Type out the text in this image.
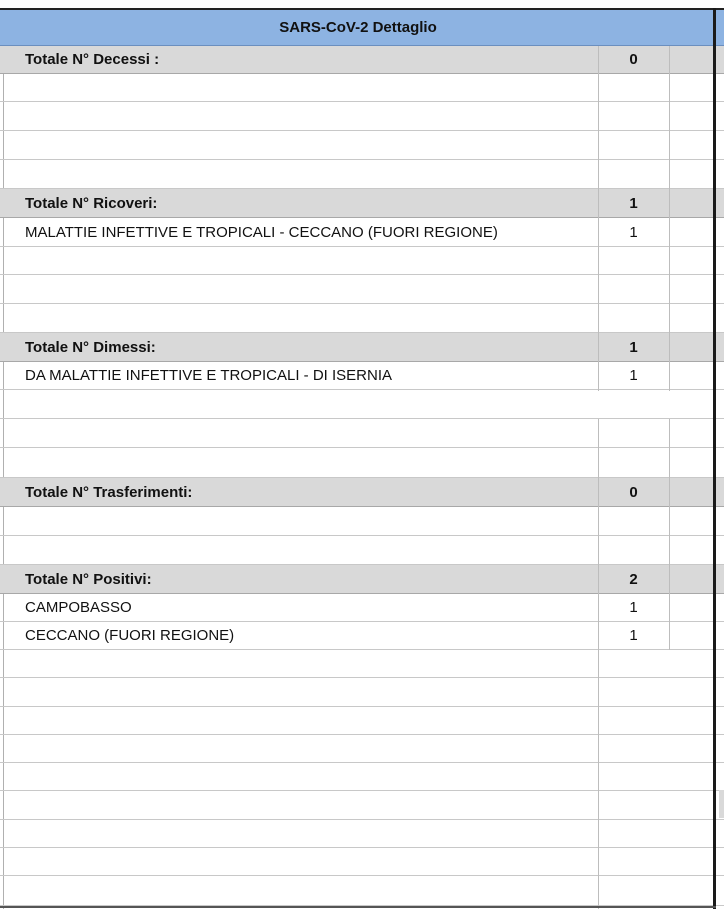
SARS-CoV-2 Dettaglio
Totale N° Decessi :	0
Totale N° Ricoveri:	1
MALATTIE INFETTIVE E TROPICALI - CECCANO (FUORI REGIONE)	1
Totale N° Dimessi:	1
DA MALATTIE INFETTIVE E TROPICALI - DI ISERNIA	1
Totale N° Trasferimenti:	0
Totale N° Positivi:	2
CAMPOBASSO	1
CECCANO (FUORI REGIONE)	1
